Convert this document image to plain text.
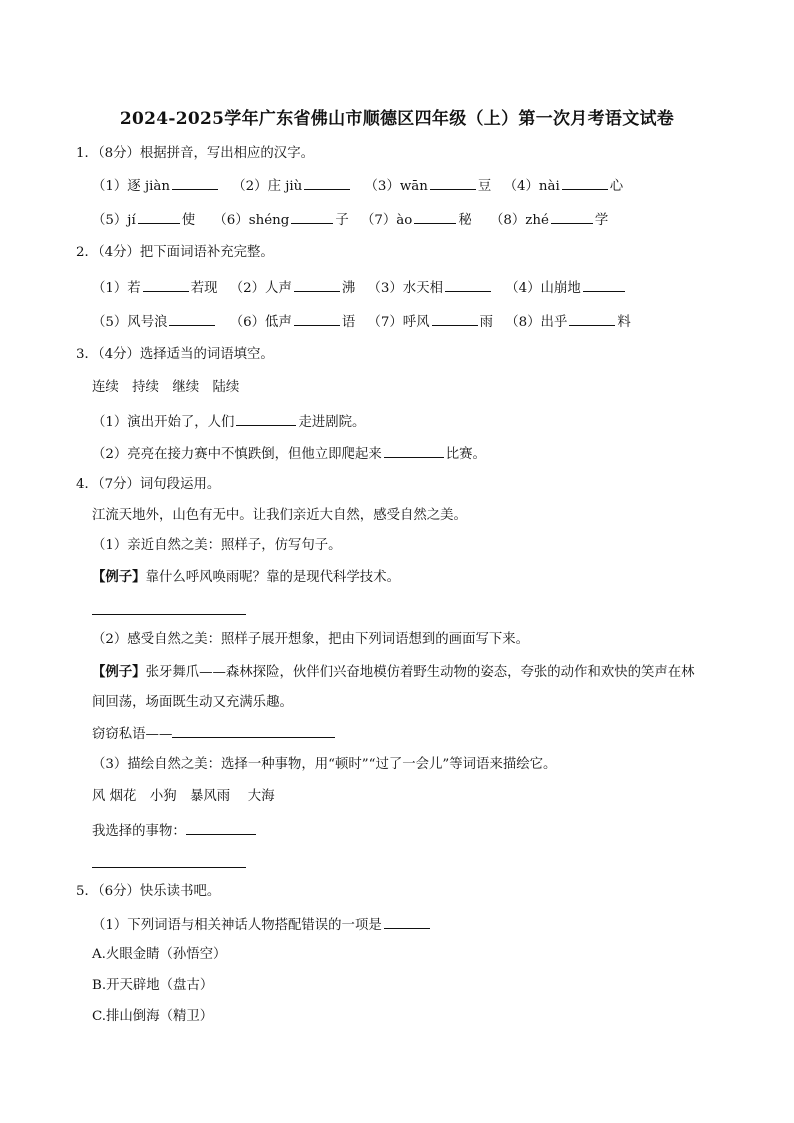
2024-2025学年广东省佛山市顺德区四年级（上）第一次月考语文试卷
1．（8分）根据拼音，写出相应的汉字。
（1）逐 jiàn	（2）庄 jiù	（3）wān	豆 （4）nài	心
（5）jí	使 （6）shéng	子 （7）ào	秘 （8）zhé	学
2．（4分）把下面词语补充完整。
（1）若	若现 （2）人声	沸 （3）水天相	（4）山崩地
（5）风号浪	（6）低声	语 （7）呼风	雨 （8）出乎	料
3．（4分）选择适当的词语填空。
连续　持续　继续　陆续
（1）演出开始了，人们	走进剧院。
（2）亮亮在接力赛中不慎跌倒，但他立即爬起来	比赛。
4．（7分）词句段运用。
江流天地外，山色有无中。让我们亲近大自然，感受自然之美。
（1）亲近自然之美：照样子，仿写句子。
【例子】靠什么呼风唤雨呢？靠的是现代科学技术。
（2）感受自然之美：照样子展开想象，把由下列词语想到的画面写下来。
【例子】张牙舞爪——森林探险，伙伴们兴奋地模仿着野生动物的姿态，夸张的动作和欢快的笑声在林
间回荡，场面既生动又充满乐趣。
窃窃私语——
（3）描绘自然之美：选择一种事物，用“顿时”“过了一会儿”等词语来描绘它。
风 烟花　小狗　暴风雨　 大海
我选择的事物：
5．（6分）快乐读书吧。
（1）下列词语与相关神话人物搭配错误的一项是
A.火眼金睛（孙悟空）
B.开天辟地（盘古）
C.排山倒海（精卫）
